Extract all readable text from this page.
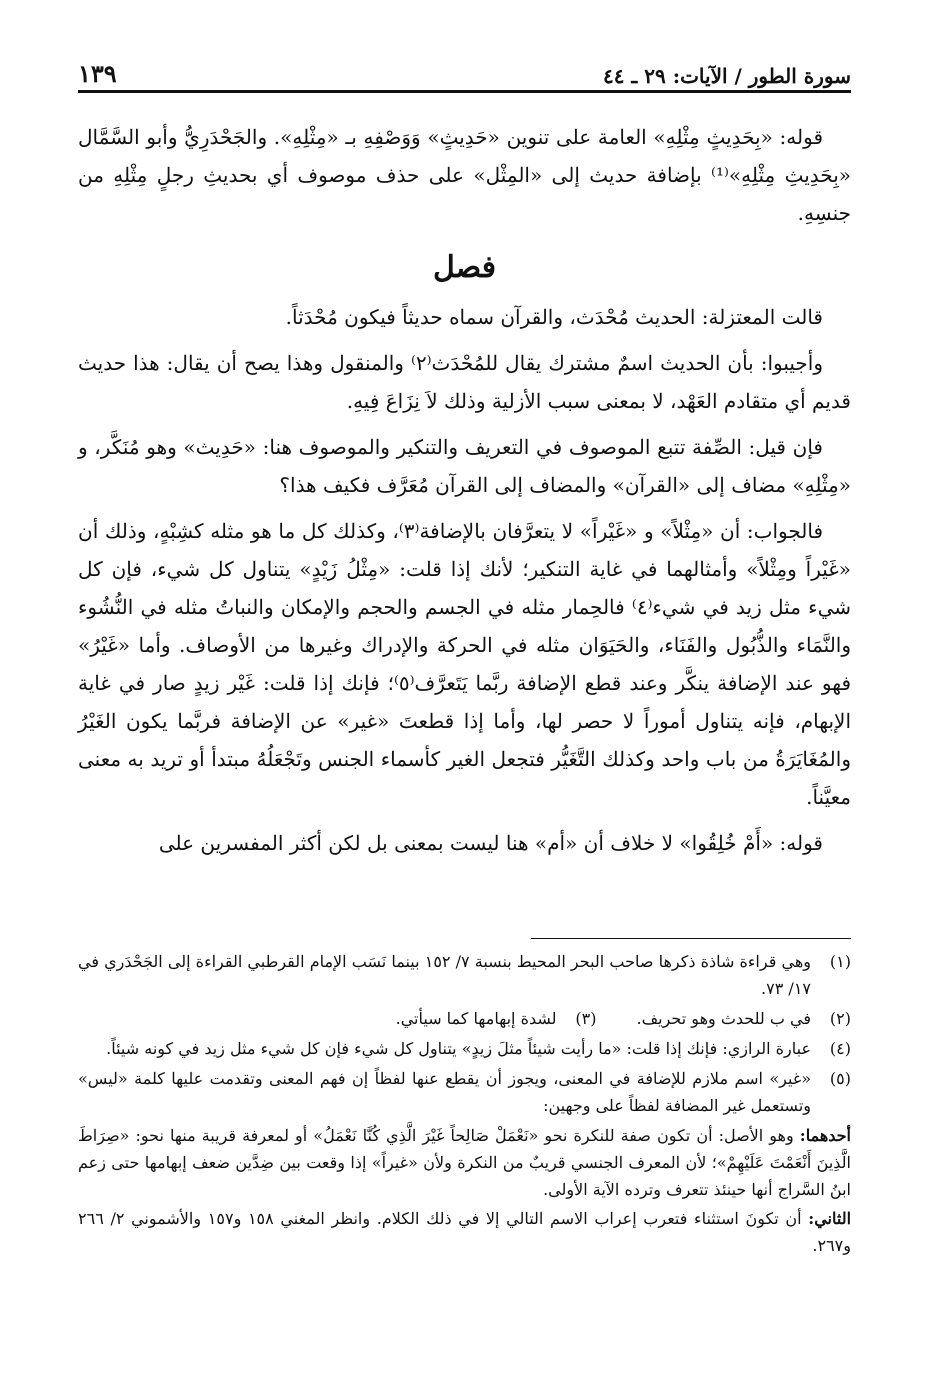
سورة الطور / الآيات: ٢٩ ـ ٤٤
١٣٩

قوله: «بِحَدِيثٍ مِثْلِهِ» العامة على تنوين «حَدِيثٍ» وَوَصْفِهِ بـ «مِثْلِهِ». والجَحْدَرِيُّ وأبو السَّمَّال «بِحَدِيثِ مِثْلِهِ»⁽¹⁾ بإضافة حديث إلى «المِثْل» على حذف موصوف أي بحديثِ رجلٍ مِثْلِهِ من جنسِهِ.

فصل

قالت المعتزلة: الحديث مُحْدَث، والقرآن سماه حديثاً فيكون مُحْدَثاً.

وأجيبوا: بأن الحديث اسمٌ مشترك يقال للمُحْدَث⁽٢⁾ والمنقول وهذا يصح أن يقال: هذا حديث قديم أي متقادم العَهْد، لا بمعنى سبب الأزلية وذلك لاَ نِزَاعَ فِيهِ.

فإن قيل: الصِّفة تتبع الموصوف في التعريف والتنكير والموصوف هنا: «حَدِيث» وهو مُنَكَّر، و «مِثْلِهِ» مضاف إلى «القرآن» والمضاف إلى القرآن مُعَرَّف فكيف هذا؟

فالجواب: أن «مِثْلاً» و «غَيْراً» لا يتعرَّفان بالإضافة⁽٣⁾، وكذلك كل ما هو مثله كشِبْهٍ، وذلك أن «غَيْراً ومِثْلاً» وأمثالهما في غاية التنكير؛ لأنك إذا قلت: «مِثْلُ زَيْدٍ» يتناول كل شيء، فإن كل شيء مثل زيد في شيء⁽٤⁾ فالحِمار مثله في الجسم والحجم والإمكان والنباتُ مثله في النُّشُوء والنَّمَاء والذُّبُول والفَنَاء، والحَيَوَان مثله في الحركة والإدراك وغيرها من الأوصاف. وأما «غَيْرُ» فهو عند الإضافة ينكَّر وعند قطع الإضافة ربَّما يَتَعرَّف⁽٥⁾؛ فإنك إذا قلت: غَيْر زيدٍ صار في غاية الإبهام، فإنه يتناول أموراً لا حصر لها، وأما إذا قطعتَ «غير» عن الإضافة فربَّما يكون الغَيْرُ والمُغَايَرَةُ من باب واحد وكذلك التَّغَيُّر فتجعل الغير كأسماء الجنس وتَجْعَلُهُ مبتدأ أو تريد به معنى معيَّناً.

قوله: «أَمْ خُلِقُوا» لا خلاف أن «أم» هنا ليست بمعنى بل لكن أكثر المفسرين على

(١)
وهي قراءة شاذة ذكرها صاحب البحر المحيط بنسبة ٧/ ١٥٢ بينما نَسَب الإمام القرطبي القراءة إلى الجَحْدَري في ١٧/ ٧٣.
(٢)
في ب للحدث وهو تحريف.
(٣)
لشدة إبهامها كما سيأتي.
(٤)
عبارة الرازي: فإنك إذا قلت: «ما رأيت شيئاً مثلَ زيدٍ» يتناول كل شيء فإن كل شيء مثل زيد في كونه شيئاً.
(٥)
«غير» اسم ملازم للإضافة في المعنى، ويجوز أن يقطع عنها لفظاً إن فهم المعنى وتقدمت عليها كلمة «ليس» وتستعمل غير المضافة لفظاً على وجهين:
أحدهما: وهو الأصل: أن تكون صفة للنكرة نحو «نَعْمَلْ صَالِحاً غَيْرَ الَّذِي كُنَّا نَعْمَلُ» أو لمعرفة قريبة منها نحو: «صِرَاطَ الَّذِينَ أَنْعَمْتَ عَلَيْهِمْ»؛ لأن المعرف الجنسي قريبٌ من النكرة ولأن «غيراً» إذا وقعت بين ضِدَّين ضعف إبهامها حتى زعم ابنُ السَّراج أنها حينئذ تتعرف وترده الآية الأولى.
الثاني: أن تكونَ استثناء فتعرب إعراب الاسم التالي إلا في ذلك الكلام. وانظر المغني ١٥٨ و١٥٧ والأشموني ٢/ ٢٦٦ و٢٦٧.
